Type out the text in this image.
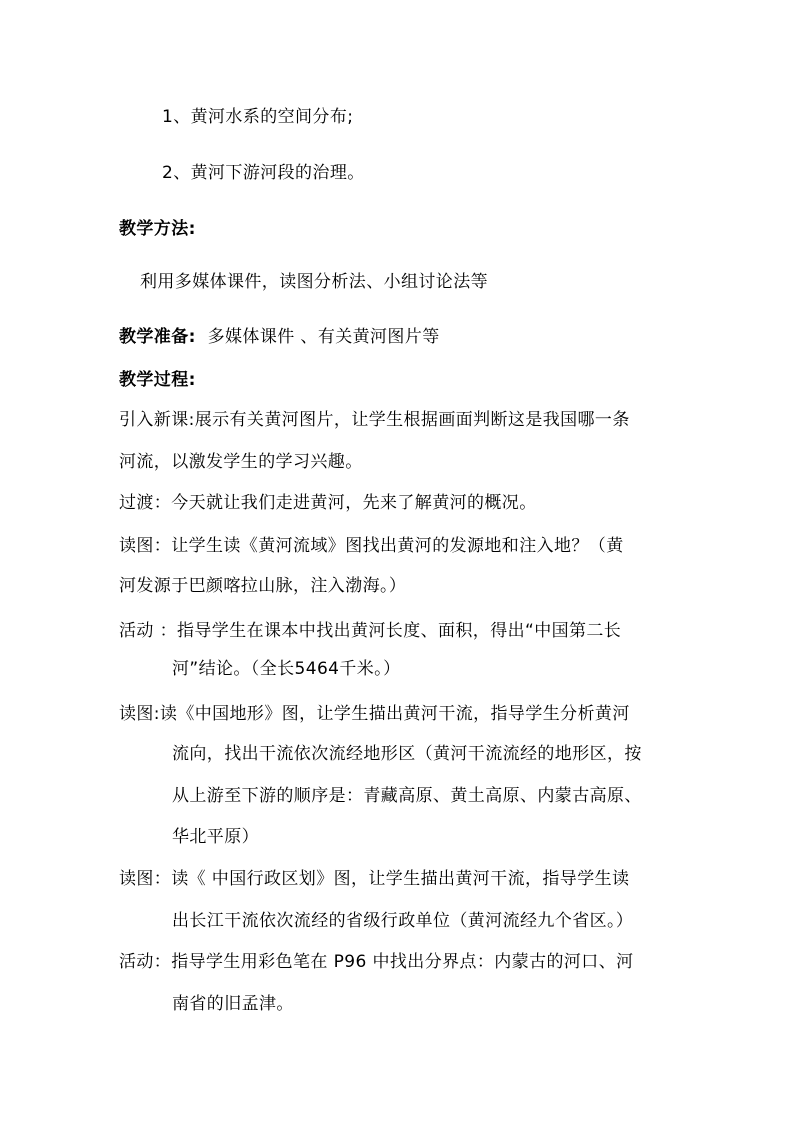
1、黄河水系的空间分布;
2、黄河下游河段的治理。
教学方法:
利用多媒体课件，读图分析法、小组讨论法等
教学准备: 多媒体课件 、有关黄河图片等
教学过程:
引入新课:展示有关黄河图片，让学生根据画面判断这是我国哪一条
河流，以激发学生的学习兴趣。
过渡：今天就让我们走进黄河，先来了解黄河的概况。
读图：让学生读《黄河流域》图找出黄河的发源地和注入地？（黄
河发源于巴颜喀拉山脉，注入渤海。）
活动 ：指导学生在课本中找出黄河长度、面积，得出“中国第二长
河”结论。（全长5464千米。）
读图:读《中国地形》图，让学生描出黄河干流，指导学生分析黄河
流向，找出干流依次流经地形区（黄河干流流经的地形区，按
从上游至下游的顺序是：青藏高原、黄土高原、内蒙古高原、
华北平原）
读图：读《 中国行政区划》图，让学生描出黄河干流，指导学生读
出长江干流依次流经的省级行政单位（黄河流经九个省区。）
活动：指导学生用彩色笔在 P96 中找出分界点：内蒙古的河口、河
南省的旧孟津。
